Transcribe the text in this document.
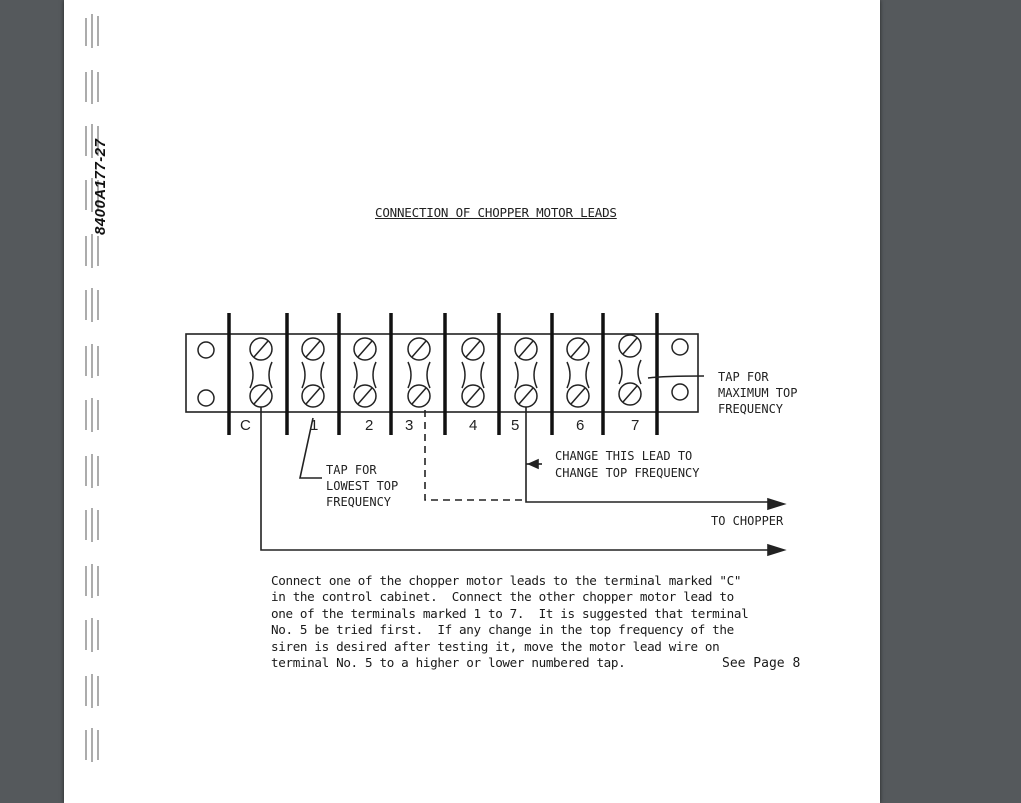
8400A177-27	CONNECTION OF CHOPPER MOTOR LEADS
C	1	2 3	4 5	6	7
TAP FOR
MAXIMUM TOP
FREQUENCY
TAP FOR
LOWEST TOP
FREQUENCY
CHANGE THIS LEAD TO
CHANGE TOP FREQUENCY
TO CHOPPER
Connect one of the chopper motor leads to the terminal marked "C"
in the control cabinet.  Connect the other chopper motor lead to
one of the terminals marked 1 to 7.  It is suggested that terminal
No. 5 be tried first.  If any change in the top frequency of the
siren is desired after testing it, move the motor lead wire on
terminal No. 5 to a higher or lower numbered tap.	See Page 8
